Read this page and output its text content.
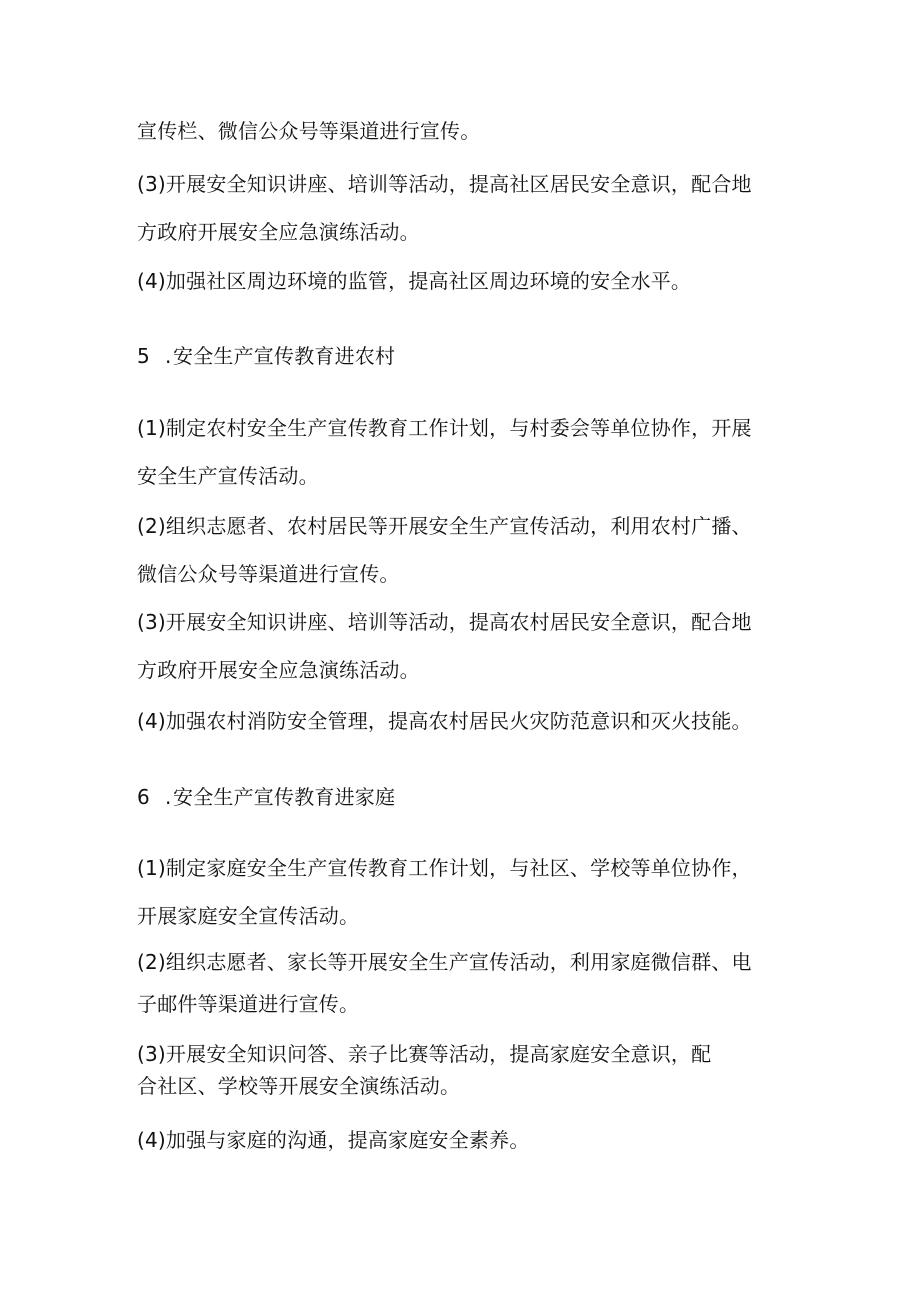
宣传栏、微信公众号等渠道进行宣传。
(3)开展安全知识讲座、培训等活动，提高社区居民安全意识，配合地
方政府开展安全应急演练活动。
(4)加强社区周边环境的监管，提高社区周边环境的安全水平。
5 .安全生产宣传教育进农村
(1)制定农村安全生产宣传教育工作计划，与村委会等单位协作，开展
安全生产宣传活动。
(2)组织志愿者、农村居民等开展安全生产宣传活动，利用农村广播、
微信公众号等渠道进行宣传。
(3)开展安全知识讲座、培训等活动，提高农村居民安全意识，配合地
方政府开展安全应急演练活动。
(4)加强农村消防安全管理，提高农村居民火灾防范意识和灭火技能。
6 .安全生产宣传教育进家庭
(1)制定家庭安全生产宣传教育工作计划，与社区、学校等单位协作，
开展家庭安全宣传活动。
(2)组织志愿者、家长等开展安全生产宣传活动，利用家庭微信群、电
子邮件等渠道进行宣传。
(3)开展安全知识问答、亲子比赛等活动，提高家庭安全意识，配
合社区、学校等开展安全演练活动。
(4)加强与家庭的沟通，提高家庭安全素养。
